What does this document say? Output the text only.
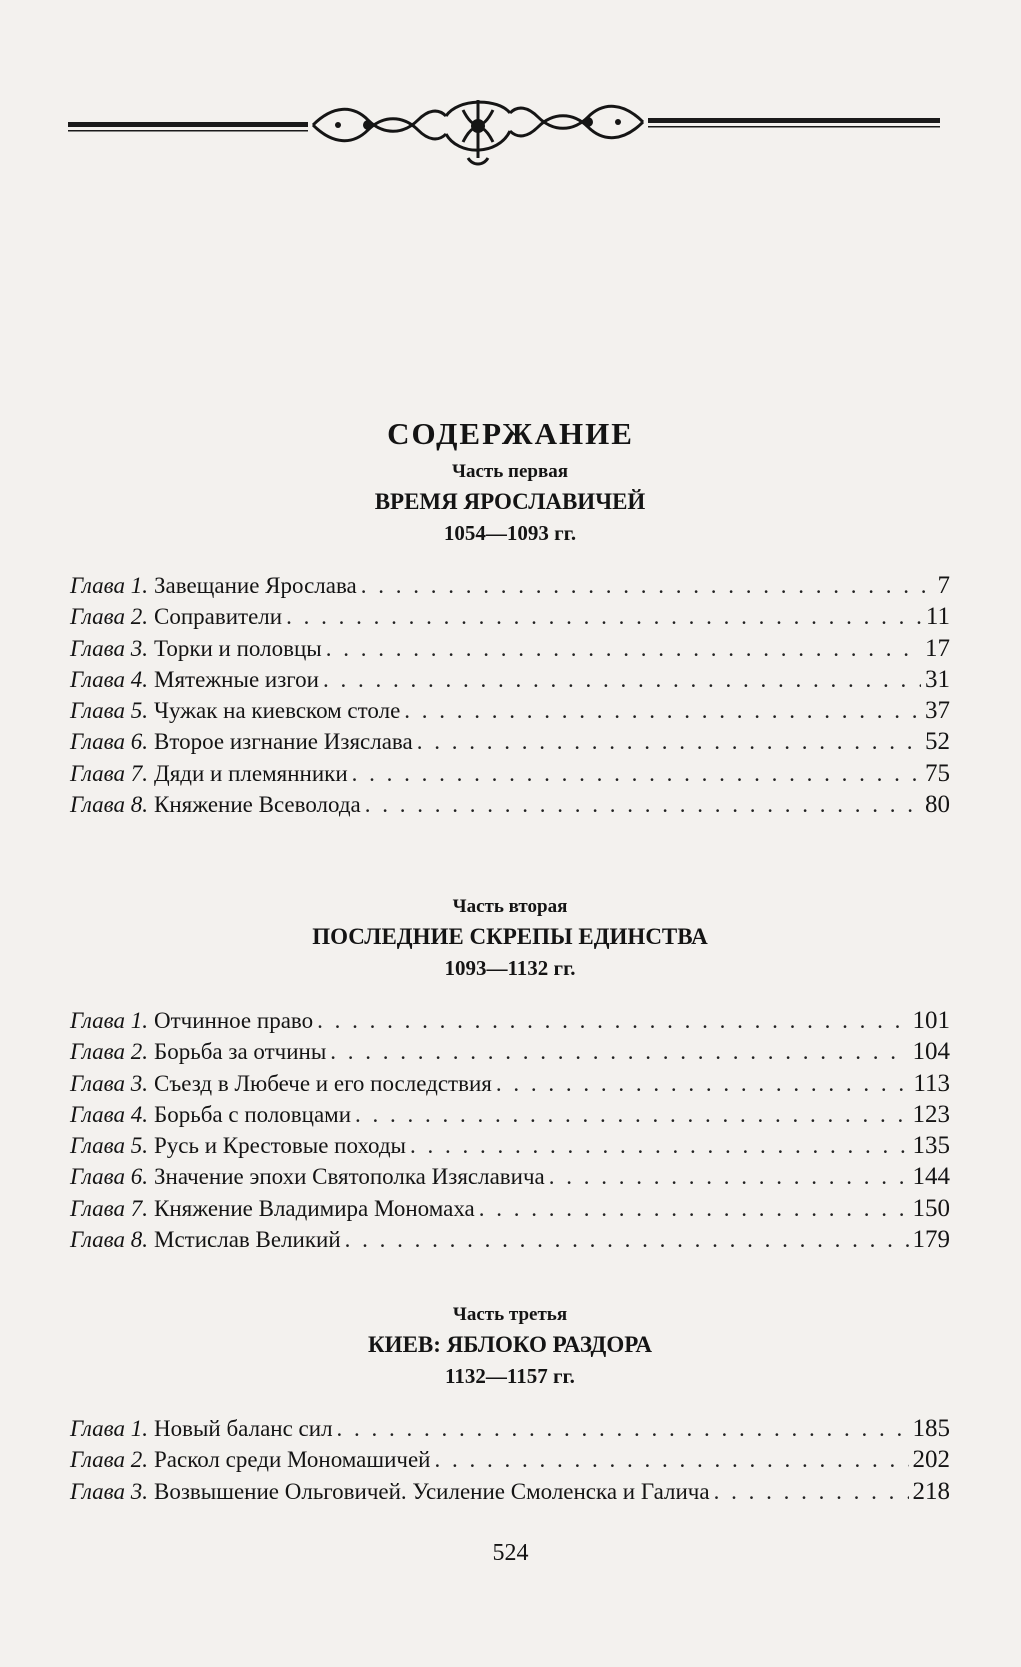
СОДЕРЖАНИЕ
Часть первая
ВРЕМЯ ЯРОСЛАВИЧЕЙ
1054—1093 гг.
Глава 1. Завещание Ярослава . . .	7
Глава 2. Соправители . . .	11
Глава 3. Торки и половцы . . .	17
Глава 4. Мятежные изгои . . .	31
Глава 5. Чужак на киевском столе . . .	37
Глава 6. Второе изгнание Изяслава . . .	52
Глава 7. Дяди и племянники . . .	75
Глава 8. Княжение Всеволода . . .	80
Часть вторая
ПОСЛЕДНИЕ СКРЕПЫ ЕДИНСТВА
1093—1132 гг.
Глава 1. Отчинное право . . .	101
Глава 2. Борьба за отчины . . .	104
Глава 3. Съезд в Любече и его последствия . . .	113
Глава 4. Борьба с половцами . . .	123
Глава 5. Русь и Крестовые походы . . .	135
Глава 6. Значение эпохи Святополка Изяславича . . .	144
Глава 7. Княжение Владимира Мономаха . . .	150
Глава 8. Мстислав Великий . . .	179
Часть третья
КИЕВ: ЯБЛОКО РАЗДОРА
1132—1157 гг.
Глава 1. Новый баланс сил . . .	185
Глава 2. Раскол среди Мономашичей . . .	202
Глава 3. Возвышение Ольговичей. Усиление Смоленска и Галича . . .	218
524
